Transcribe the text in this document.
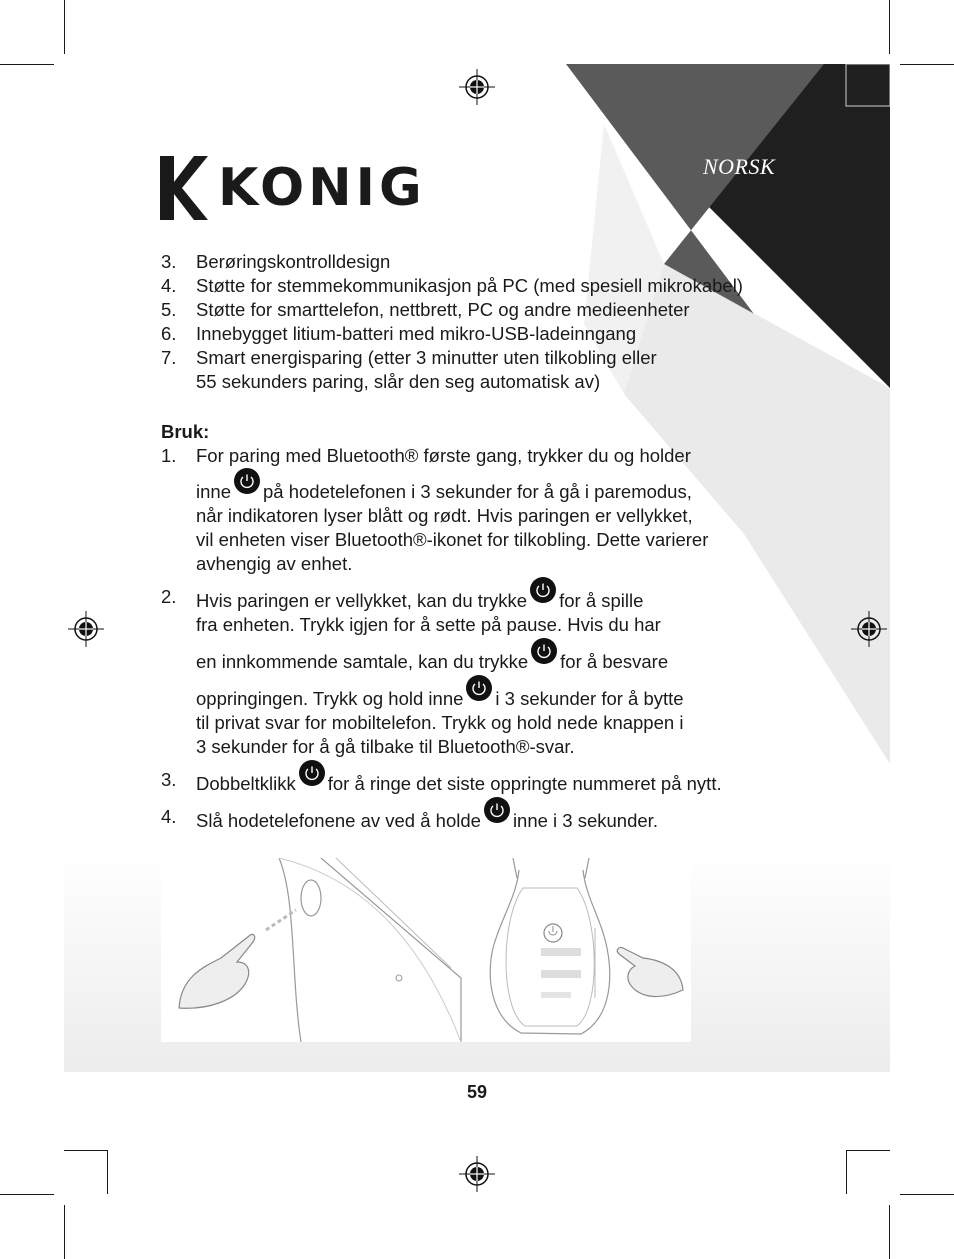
KONIG	NORSK
3.	Berøringskontrolldesign
4.	Støtte for stemmekommunikasjon på PC (med spesiell mikrokabel)
5.	Støtte for smarttelefon, nettbrett, PC og andre medieenheter
6.	Innebygget litium-batteri med mikro-USB-ladeinngang
7.	Smart energisparing (etter 3 minutter uten tilkobling eller
55 sekunders paring, slår den seg automatisk av)
Bruk:
1.	For paring med Bluetooth® første gang, trykker du og holder
inne på hodetelefonen i 3 sekunder for å gå i paremodus,
når indikatoren lyser blått og rødt. Hvis paringen er vellykket,
vil enheten viser Bluetooth®-ikonet for tilkobling. Dette varierer
avhengig av enhet.
2.	Hvis paringen er vellykket, kan du trykke for å spille
fra enheten. Trykk igjen for å sette på pause. Hvis du har
en innkommende samtale, kan du trykke for å besvare
oppringingen. Trykk og hold inne i 3 sekunder for å bytte
til privat svar for mobiltelefon. Trykk og hold nede knappen i
3 sekunder for å gå tilbake til Bluetooth®-svar.
3.	Dobbeltklikk for å ringe det siste oppringte nummeret på nytt.
4.	Slå hodetelefonene av ved å holde inne i 3 sekunder.
59
